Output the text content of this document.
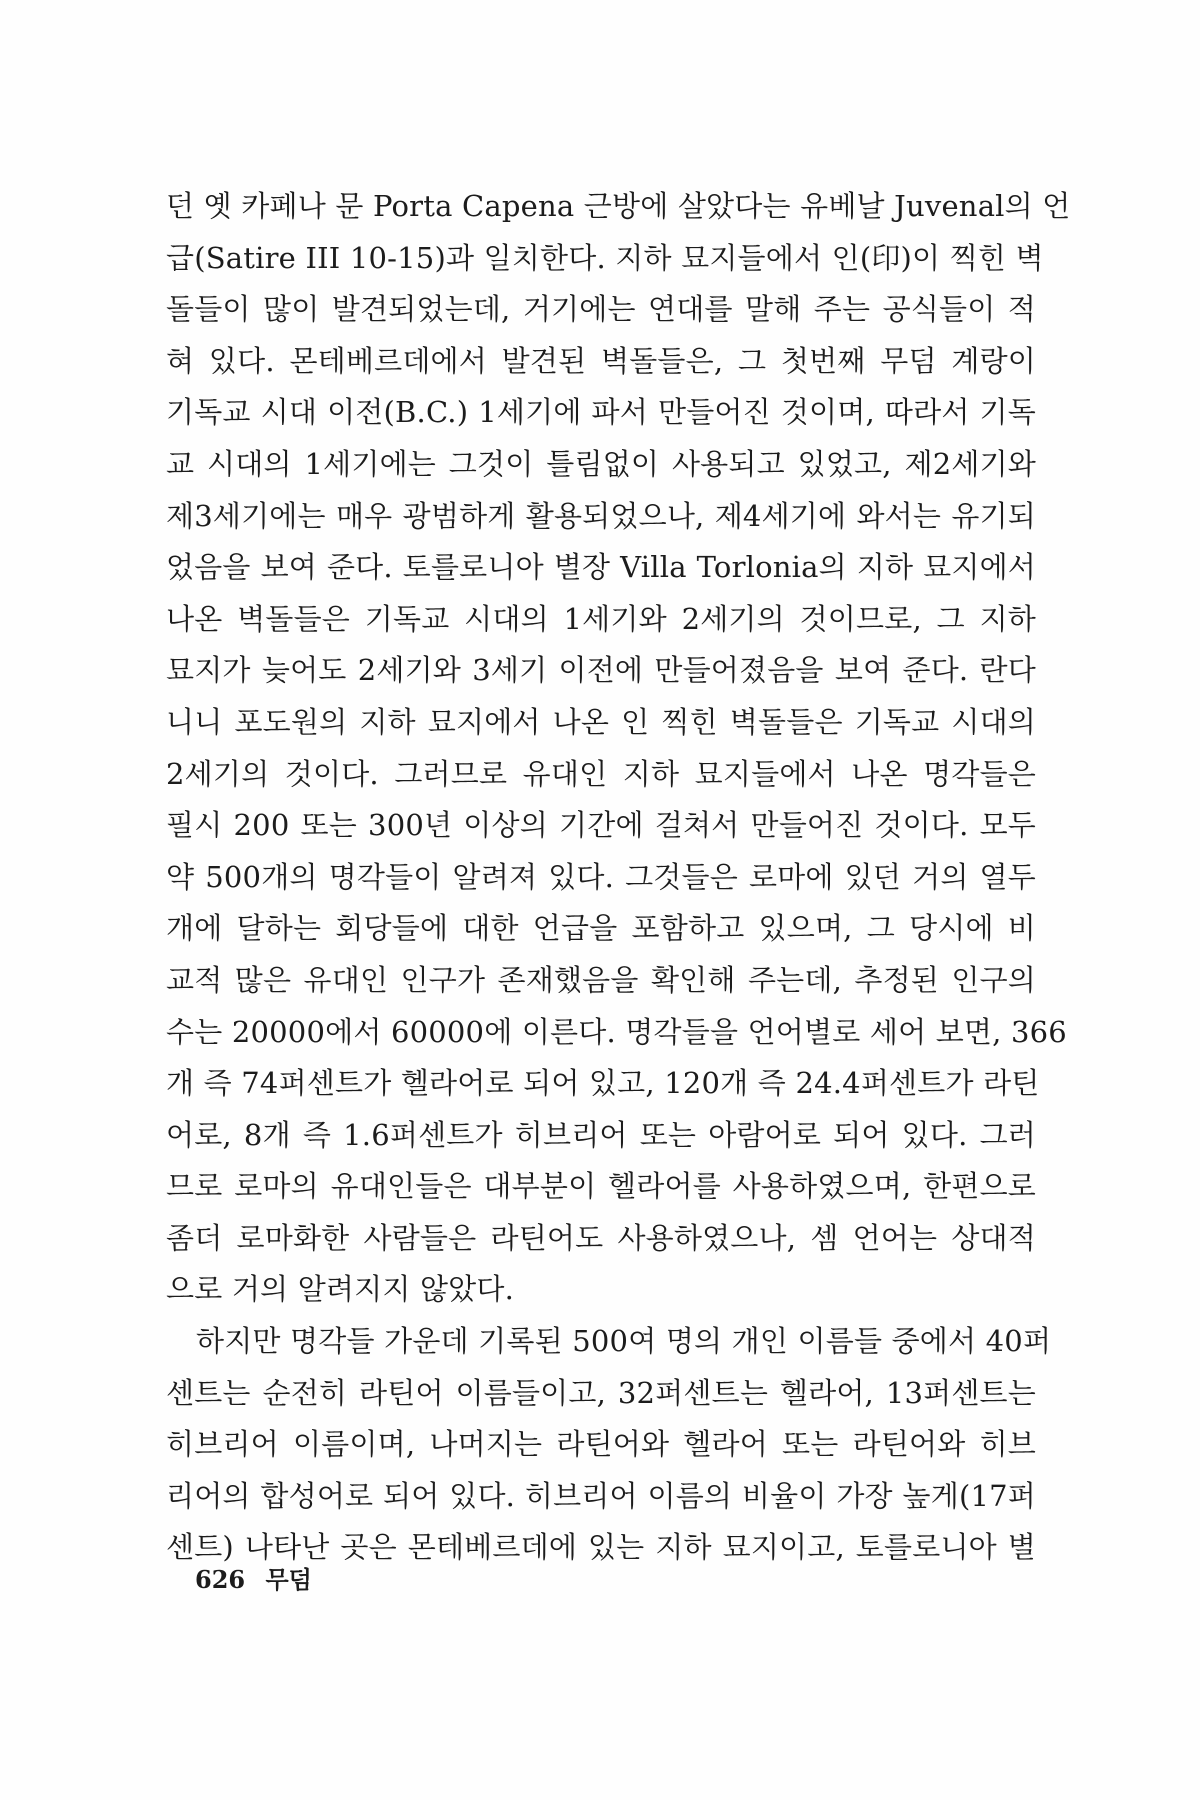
던 옛 카페나 문 Porta Capena 근방에 살았다는 유베날 Juvenal의 언
급(Satire III 10-15)과 일치한다. 지하 묘지들에서 인(印)이 찍힌 벽
돌들이 많이 발견되었는데, 거기에는 연대를 말해 주는 공식들이 적
혀 있다. 몬테베르데에서 발견된 벽돌들은, 그 첫번째 무덤 계랑이
기독교 시대 이전(B.C.) 1세기에 파서 만들어진 것이며, 따라서 기독
교 시대의 1세기에는 그것이 틀림없이 사용되고 있었고, 제2세기와
제3세기에는 매우 광범하게 활용되었으나, 제4세기에 와서는 유기되
었음을 보여 준다. 토를로니아 별장 Villa Torlonia의 지하 묘지에서
나온 벽돌들은 기독교 시대의 1세기와 2세기의 것이므로, 그 지하
묘지가 늦어도 2세기와 3세기 이전에 만들어졌음을 보여 준다. 란다
니니 포도원의 지하 묘지에서 나온 인 찍힌 벽돌들은 기독교 시대의
2세기의 것이다. 그러므로 유대인 지하 묘지들에서 나온 명각들은
필시 200 또는 300년 이상의 기간에 걸쳐서 만들어진 것이다. 모두
약 500개의 명각들이 알려져 있다. 그것들은 로마에 있던 거의 열두
개에 달하는 회당들에 대한 언급을 포함하고 있으며, 그 당시에 비
교적 많은 유대인 인구가 존재했음을 확인해 주는데, 추정된 인구의
수는 20000에서 60000에 이른다. 명각들을 언어별로 세어 보면, 366
개 즉 74퍼센트가 헬라어로 되어 있고, 120개 즉 24.4퍼센트가 라틴
어로, 8개 즉 1.6퍼센트가 히브리어 또는 아람어로 되어 있다. 그러
므로 로마의 유대인들은 대부분이 헬라어를 사용하였으며, 한편으로
좀더 로마화한 사람들은 라틴어도 사용하였으나, 셈 언어는 상대적
으로 거의 알려지지 않았다.
하지만 명각들 가운데 기록된 500여 명의 개인 이름들 중에서 40퍼
센트는 순전히 라틴어 이름들이고, 32퍼센트는 헬라어, 13퍼센트는
히브리어 이름이며, 나머지는 라틴어와 헬라어 또는 라틴어와 히브
리어의 합성어로 되어 있다. 히브리어 이름의 비율이 가장 높게(17퍼
센트) 나타난 곳은 몬테베르데에 있는 지하 묘지이고, 토를로니아 별
626 무덤
